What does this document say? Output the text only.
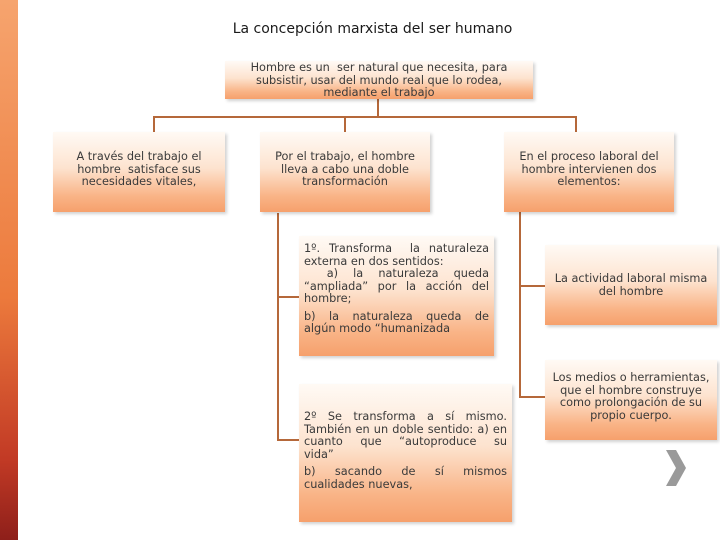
La concepción marxista del ser humano
Hombre es un  ser natural que necesita, para subsistir, usar del mundo real que lo rodea, mediante el trabajo
A través del trabajo el hombre  satisface sus necesidades vitales,
Por el trabajo, el hombre lleva a cabo una doble transformación
En el proceso laboral del hombre intervienen dos elementos:
1º. Transforma  la naturaleza externa en dos sentidos:
a)  la  naturaleza  queda “ampliada” por la acción del hombre;
b)  la  naturaleza  queda  de algún modo “humanizada
2º  Se  transforma  a  sí  mismo. También en un doble sentido: a) en  cuanto  que  “autoproduce  su vida”
b)    sacando    de    sí    mismos cualidades nuevas,
La actividad laboral misma del hombre
Los medios o herramientas, que el hombre construye como prolongación de su propio cuerpo.
